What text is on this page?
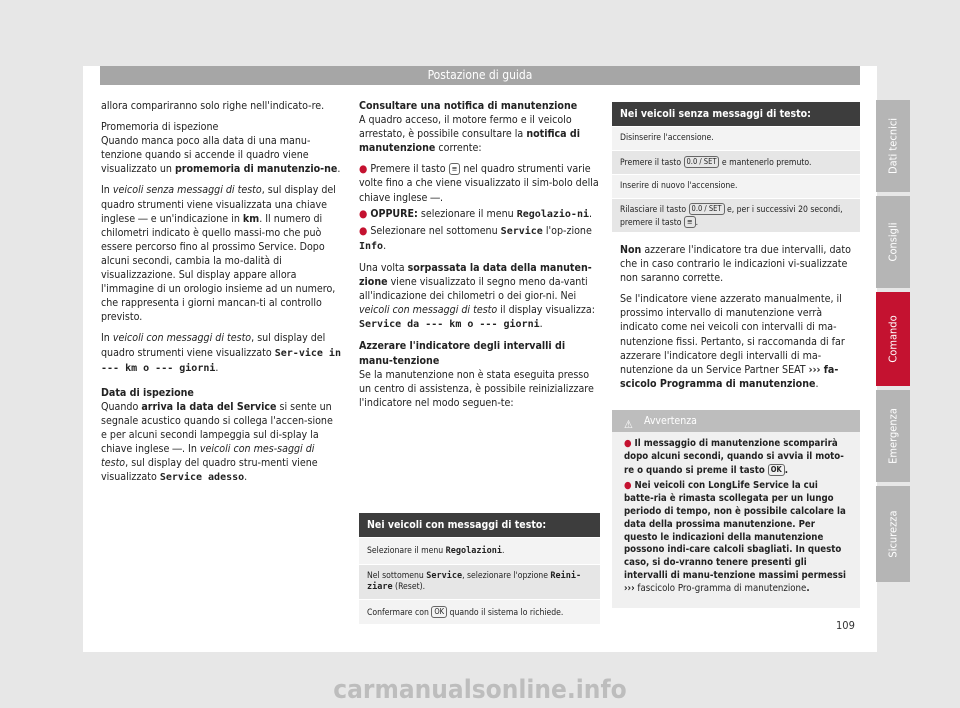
Postazione di guida

allora compariranno solo righe nell'indicato-re.

Promemoria di ispezione

Quando manca poco alla data di una manu-tenzione quando si accende il quadro viene visualizzato un promemoria di manutenzio-ne.

In veicoli senza messaggi di testo, sul display del quadro strumenti viene visualizzata una chiave inglese ― e un'indicazione in km. Il numero di chilometri indicato è quello massi-mo che può essere percorso fino al prossimo Service. Dopo alcuni secondi, cambia la mo-dalità di visualizzazione. Sul display appare allora l'immagine di un orologio insieme ad un numero, che rappresenta i giorni mancan-ti al controllo previsto.

In veicoli con messaggi di testo, sul display del quadro strumenti viene visualizzato Ser-vice in --- km o --- giorni.

Data di ispezione

Quando arriva la data del Service si sente un segnale acustico quando si collega l'accen-sione e per alcuni secondi lampeggia sul di-splay la chiave inglese ―. In veicoli con mes-saggi di testo, sul display del quadro stru-menti viene visualizzato Service adesso.

Consultare una notifica di manutenzione

A quadro acceso, il motore fermo e il veicolo arrestato, è possibile consultare la notifica di manutenzione corrente:

● Premere il tasto ≡ nel quadro strumenti varie volte fino a che viene visualizzato il sim-bolo della chiave inglese ―.

● OPPURE: selezionare il menu Regolazio-ni.

● Selezionare nel sottomenu Service l'op-zione Info.

Una volta sorpassata la data della manuten-zione viene visualizzato il segno meno da-vanti all'indicazione dei chilometri o dei gior-ni. Nei veicoli con messaggi di testo il display visualizza: Service da --- km o --- giorni.

Azzerare l'indicatore degli intervalli di manu-tenzione

Se la manutenzione non è stata eseguita presso un centro di assistenza, è possibile reinizializzare l'indicatore nel modo seguen-te:

Nei veicoli con messaggi di testo:
Selezionare il menu Regolazioni.
Nel sottomenu Service, selezionare l'opzione Reini-ziare (Reset).
Confermare con OK quando il sistema lo richiede.
Nei veicoli senza messaggi di testo:
Disinserire l'accensione.
Premere il tasto 0.0 / SET e mantenerlo premuto.
Inserire di nuovo l'accensione.
Rilasciare il tasto 0.0 / SET e, per i successivi 20 secondi, premere il tasto ≡ .

Non azzerare l'indicatore tra due intervalli, dato che in caso contrario le indicazioni vi-sualizzate non saranno corrette.

Se l'indicatore viene azzerato manualmente, il prossimo intervallo di manutenzione verrà indicato come nei veicoli con intervalli di ma-nutenzione fissi. Pertanto, si raccomanda di far azzerare l'indicatore degli intervalli di ma-nutenzione da un Service Partner SEAT ››› fa-scicolo Programma di manutenzione.

⚠ Avvertenza

● Il messaggio di manutenzione scomparirà dopo alcuni secondi, quando si avvia il moto-re o quando si preme il tasto OK .

● Nei veicoli con LongLife Service la cui batte-ria è rimasta scollegata per un lungo periodo di tempo, non è possibile calcolare la data della prossima manutenzione. Per questo le indicazioni della manutenzione possono indi-care calcoli sbagliati. In questo caso, si do-vranno tenere presenti gli intervalli di manu-tenzione massimi permessi ››› fascicolo Pro-gramma di manutenzione.

Dati tecnici
Consigli
Comando
Emergenza
Sicurezza
109
carmanualsonline.info
